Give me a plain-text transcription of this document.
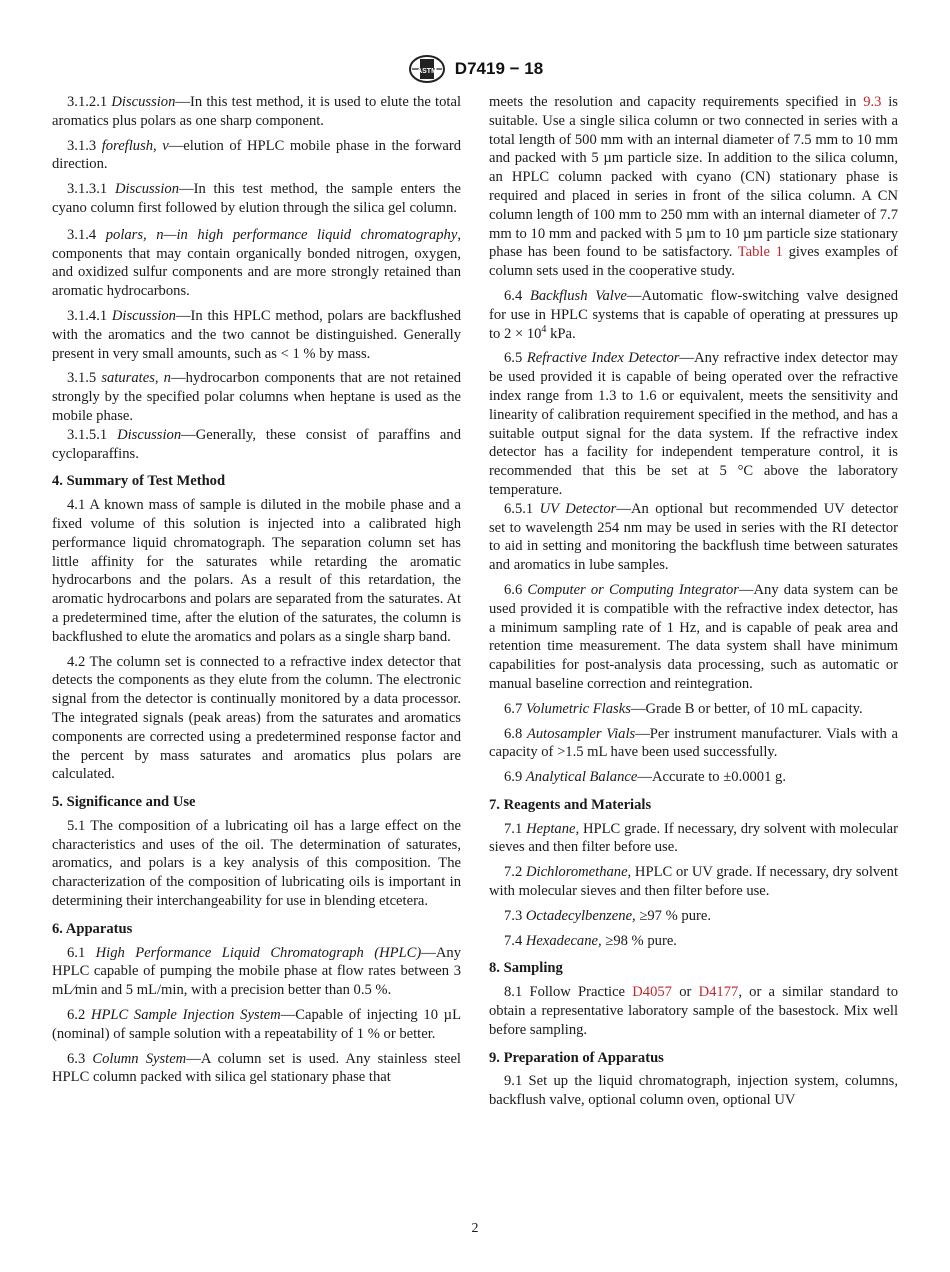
ASTM D7419 − 18

3.1.2.1 Discussion—In this test method, it is used to elute the total aromatics plus polars as one sharp component.

3.1.3 foreflush, v—elution of HPLC mobile phase in the forward direction.

3.1.3.1 Discussion—In this test method, the sample enters the cyano column first followed by elution through the silica gel column.

3.1.4 polars, n—in high performance liquid chromatography, components that may contain organically bonded nitrogen, oxygen, and oxidized sulfur components and are more strongly retained than aromatic hydrocarbons.

3.1.4.1 Discussion—In this HPLC method, polars are backflushed with the aromatics and the two cannot be distinguished. Generally present in very small amounts, such as < 1 % by mass.

3.1.5 saturates, n—hydrocarbon components that are not retained strongly by the specified polar columns when heptane is used as the mobile phase.

3.1.5.1 Discussion—Generally, these consist of paraffins and cycloparaffins.

4. Summary of Test Method

4.1 A known mass of sample is diluted in the mobile phase and a fixed volume of this solution is injected into a calibrated high performance liquid chromatograph. The separation column set has little affinity for the saturates while retarding the aromatic hydrocarbons and the polars. As a result of this retardation, the aromatic hydrocarbons and polars are separated from the saturates. At a predetermined time, after the elution of the saturates, the column is backflushed to elute the aromatics and polars as a single sharp band.

4.2 The column set is connected to a refractive index detector that detects the components as they elute from the column. The electronic signal from the detector is continually monitored by a data processor. The integrated signals (peak areas) from the saturates and aromatics components are corrected using a predetermined response factor and the percent by mass saturates and aromatics plus polars are calculated.

5. Significance and Use

5.1 The composition of a lubricating oil has a large effect on the characteristics and uses of the oil. The determination of saturates, aromatics, and polars is a key analysis of this composition. The characterization of the composition of lubricating oils is important in determining their interchangeability for use in blending etcetera.

6. Apparatus

6.1 High Performance Liquid Chromatograph (HPLC)—Any HPLC capable of pumping the mobile phase at flow rates between 3 mL⁄min and 5 mL/min, with a precision better than 0.5 %.

6.2 HPLC Sample Injection System—Capable of injecting 10 µL (nominal) of sample solution with a repeatability of 1 % or better.

6.3 Column System—A column set is used. Any stainless steel HPLC column packed with silica gel stationary phase that

meets the resolution and capacity requirements specified in 9.3 is suitable. Use a single silica column or two connected in series with a total length of 500 mm with an internal diameter of 7.5 mm to 10 mm and packed with 5 µm particle size. In addition to the silica column, an HPLC column packed with cyano (CN) stationary phase is required and placed in series in front of the silica column. A CN column length of 100 mm to 250 mm with an internal diameter of 7.7 mm to 10 mm and packed with 5 µm to 10 µm particle size stationary phase has been found to be satisfactory. Table 1 gives examples of column sets used in the cooperative study.

6.4 Backflush Valve—Automatic flow-switching valve designed for use in HPLC systems that is capable of operating at pressures up to $2 \times 10^4$ kPa.

6.5 Refractive Index Detector—Any refractive index detector may be used provided it is capable of being operated over the refractive index range from 1.3 to 1.6 or equivalent, meets the sensitivity and linearity of calibration requirement specified in the method, and has a suitable output signal for the data system. If the refractive index detector has a facility for independent temperature control, it is recommended that this be set at 5 °C above the laboratory temperature.

6.5.1 UV Detector—An optional but recommended UV detector set to wavelength 254 nm may be used in series with the RI detector to aid in setting and monitoring the backflush time between saturates and aromatics in lube samples.

6.6 Computer or Computing Integrator—Any data system can be used provided it is compatible with the refractive index detector, has a minimum sampling rate of 1 Hz, and is capable of peak area and retention time measurement. The data system shall have minimum capabilities for post-analysis data processing, such as automatic or manual baseline correction and reintegration.

6.7 Volumetric Flasks—Grade B or better, of 10 mL capacity.

6.8 Autosampler Vials—Per instrument manufacturer. Vials with a capacity of >1.5 mL have been used successfully.

6.9 Analytical Balance—Accurate to ±0.0001 g.

7. Reagents and Materials

7.1 Heptane, HPLC grade. If necessary, dry solvent with molecular sieves and then filter before use.

7.2 Dichloromethane, HPLC or UV grade. If necessary, dry solvent with molecular sieves and then filter before use.

7.3 Octadecylbenzene, ≥97 % pure.

7.4 Hexadecane, ≥98 % pure.

8. Sampling

8.1 Follow Practice D4057 or D4177, or a similar standard to obtain a representative laboratory sample of the basestock. Mix well before sampling.

9. Preparation of Apparatus

9.1 Set up the liquid chromatograph, injection system, columns, backflush valve, optional column oven, optional UV

2
